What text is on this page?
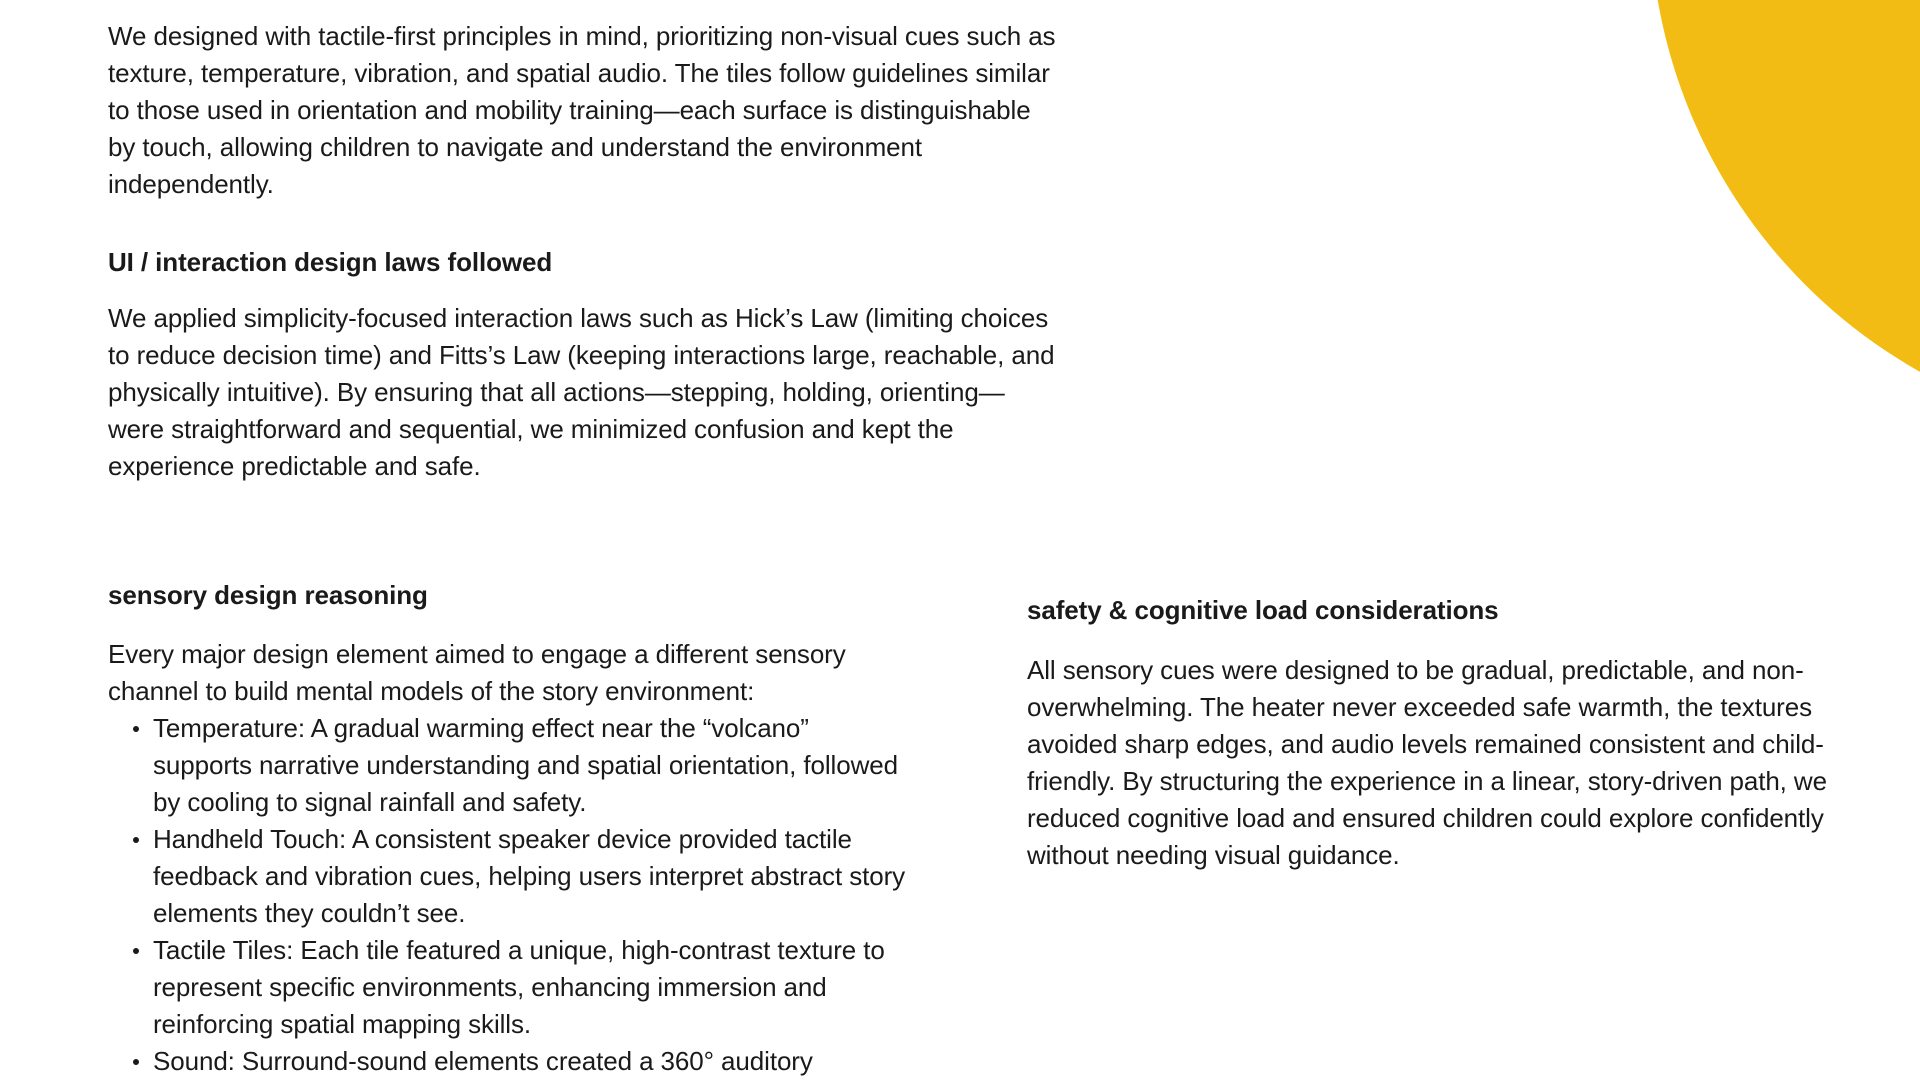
We designed with tactile-first principles in mind, prioritizing non-visual cues such as texture, temperature, vibration, and spatial audio. The tiles follow guidelines similar to those used in orientation and mobility training—each surface is distinguishable by touch, allowing children to navigate and understand the environment independently.

UI / interaction design laws followed

We applied simplicity-focused interaction laws such as Hick’s Law (limiting choices to reduce decision time) and Fitts’s Law (keeping interactions large, reachable, and physically intuitive). By ensuring that all actions—stepping, holding, orienting—were straightforward and sequential, we minimized confusion and kept the experience predictable and safe.

sensory design reasoning

Every major design element aimed to engage a different sensory channel to build mental models of the story environment:

Temperature: A gradual warming effect near the “volcano” supports narrative understanding and spatial orientation, followed by cooling to signal rainfall and safety.
Handheld Touch: A consistent speaker device provided tactile feedback and vibration cues, helping users interpret abstract story elements they couldn’t see.
Tactile Tiles: Each tile featured a unique, high-contrast texture to represent specific environments, enhancing immersion and reinforcing spatial mapping skills.
Sound: Surround-sound elements created a 360° auditory
safety & cognitive load considerations

All sensory cues were designed to be gradual, predictable, and non-overwhelming. The heater never exceeded safe warmth, the textures avoided sharp edges, and audio levels remained consistent and child-friendly. By structuring the experience in a linear, story-driven path, we reduced cognitive load and ensured children could explore confidently without needing visual guidance.
